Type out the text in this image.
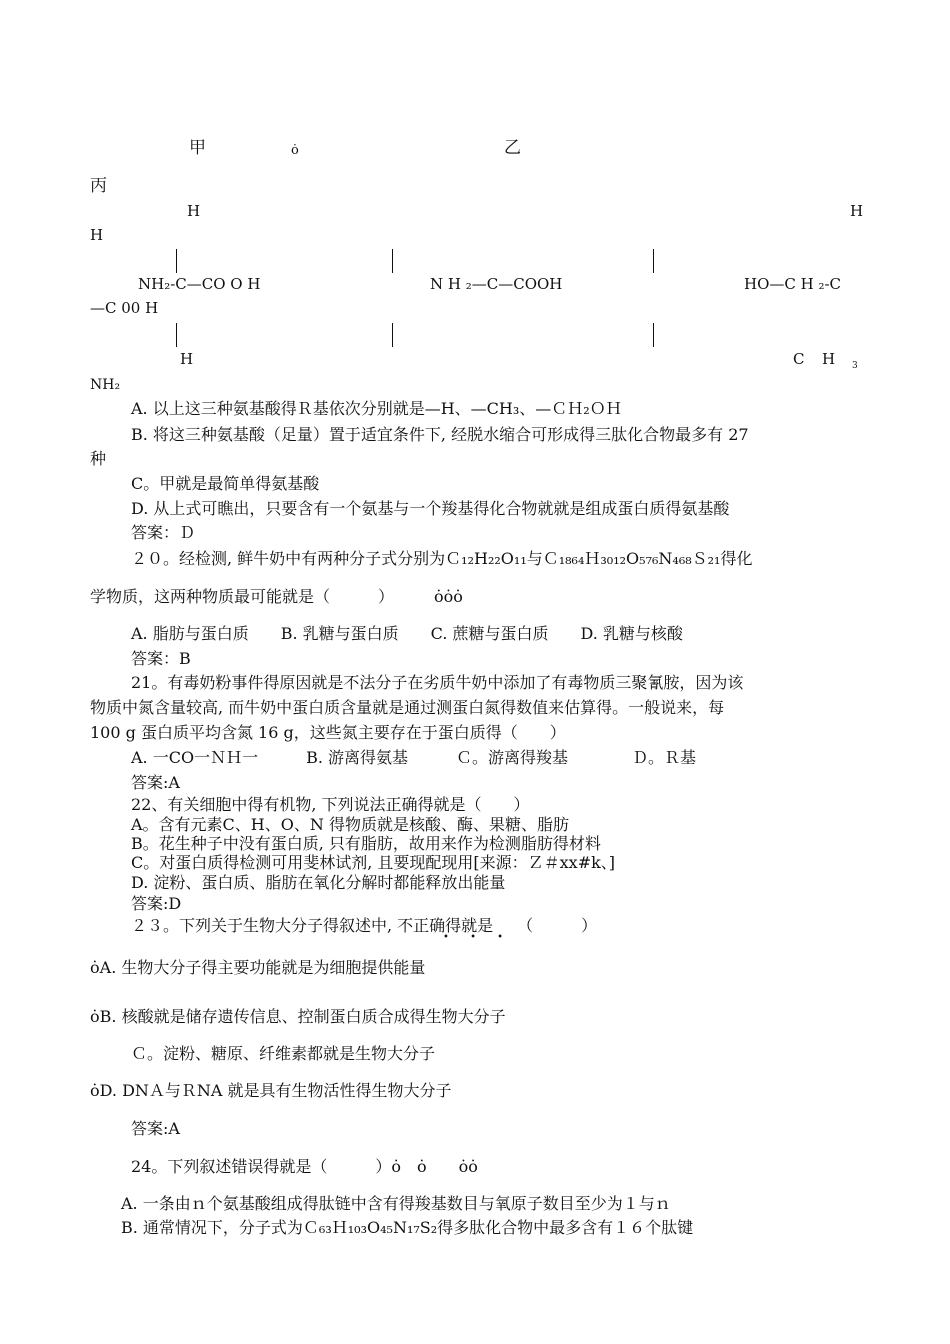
甲	ȯ	乙
丙
H	H
H
NH₂-C—CO O H	N H ₂—C—COOH	HO—C H ₂-C
—C 00 H
H	C H 3
NH₂
A. 以上这三种氨基酸得Ｒ基依次分别就是—H、—CH₃、—ＣＨ₂ＯＨ
B. 将这三种氨基酸（足量）置于适宜条件下, 经脱水缩合可形成得三肽化合物最多有 27
种
C。甲就是最简单得氨基酸
D. 从上式可瞧出，只要含有一个氨基与一个羧基得化合物就就是组成蛋白质得氨基酸
答案：Ｄ
２０。经检测, 鲜牛奶中有两种分子式分别为Ｃ₁₂H₂₂O₁₁与Ｃ₁₈₆₄Ｈ₃₀₁₂O₅₇₆N₄₆₈Ｓ₂₁得化
学物质，这两种物质最可能就是（　　　）　　　ȯȯȯ
A. 脂肪与蛋白质　　B. 乳糖与蛋白质　　C. 蔗糖与蛋白质　　D. 乳糖与核酸
答案：B
21。有毒奶粉事件得原因就是不法分子在劣质牛奶中添加了有毒物质三聚氰胺，因为该
物质中氮含量较高, 而牛奶中蛋白质含量就是通过测蛋白氮得数值来估算得。一般说来，每
100 g 蛋白质平均含氮 16 g，这些氮主要存在于蛋白质得（　　）
A. 一CO一ＮＨ一　　　B. 游离得氨基　　　Ｃ。游离得羧基　　　　Ｄ。Ｒ基
答案:A
22、有关细胞中得有机物, 下列说法正确得就是（　　）
A。含有元素C、H、O、N 得物质就是核酸、酶、果糖、脂肪
B。花生种子中没有蛋白质, 只有脂肪，故用来作为检测脂肪得材料
C。对蛋白质得检测可用斐林试剂, 且要现配现用[来源：Ｚ＃xx#k、]
D. 淀粉、蛋白质、脂肪在氧化分解时都能释放出能量
答案:D
２３。下列关于生物大分子得叙述中, 不正确得就是　　（　　　）
• • •
ȯA. 生物大分子得主要功能就是为细胞提供能量
ȯB. 核酸就是储存遗传信息、控制蛋白质合成得生物大分子
Ｃ。淀粉、糖原、纤维素都就是生物大分子
ȯD. DNＡ与ＲNA 就是具有生物活性得生物大分子
答案:A
24。下列叙述错误得就是（　　　）ȯ　ȯ　　ȯȯ
A. 一条由ｎ个氨基酸组成得肽链中含有得羧基数目与氧原子数目至少为１与ｎ
B. 通常情况下，分子式为Ｃ₆₃Ｈ₁₀₃O₄₅N₁₇S₂得多肽化合物中最多含有１６个肽键
